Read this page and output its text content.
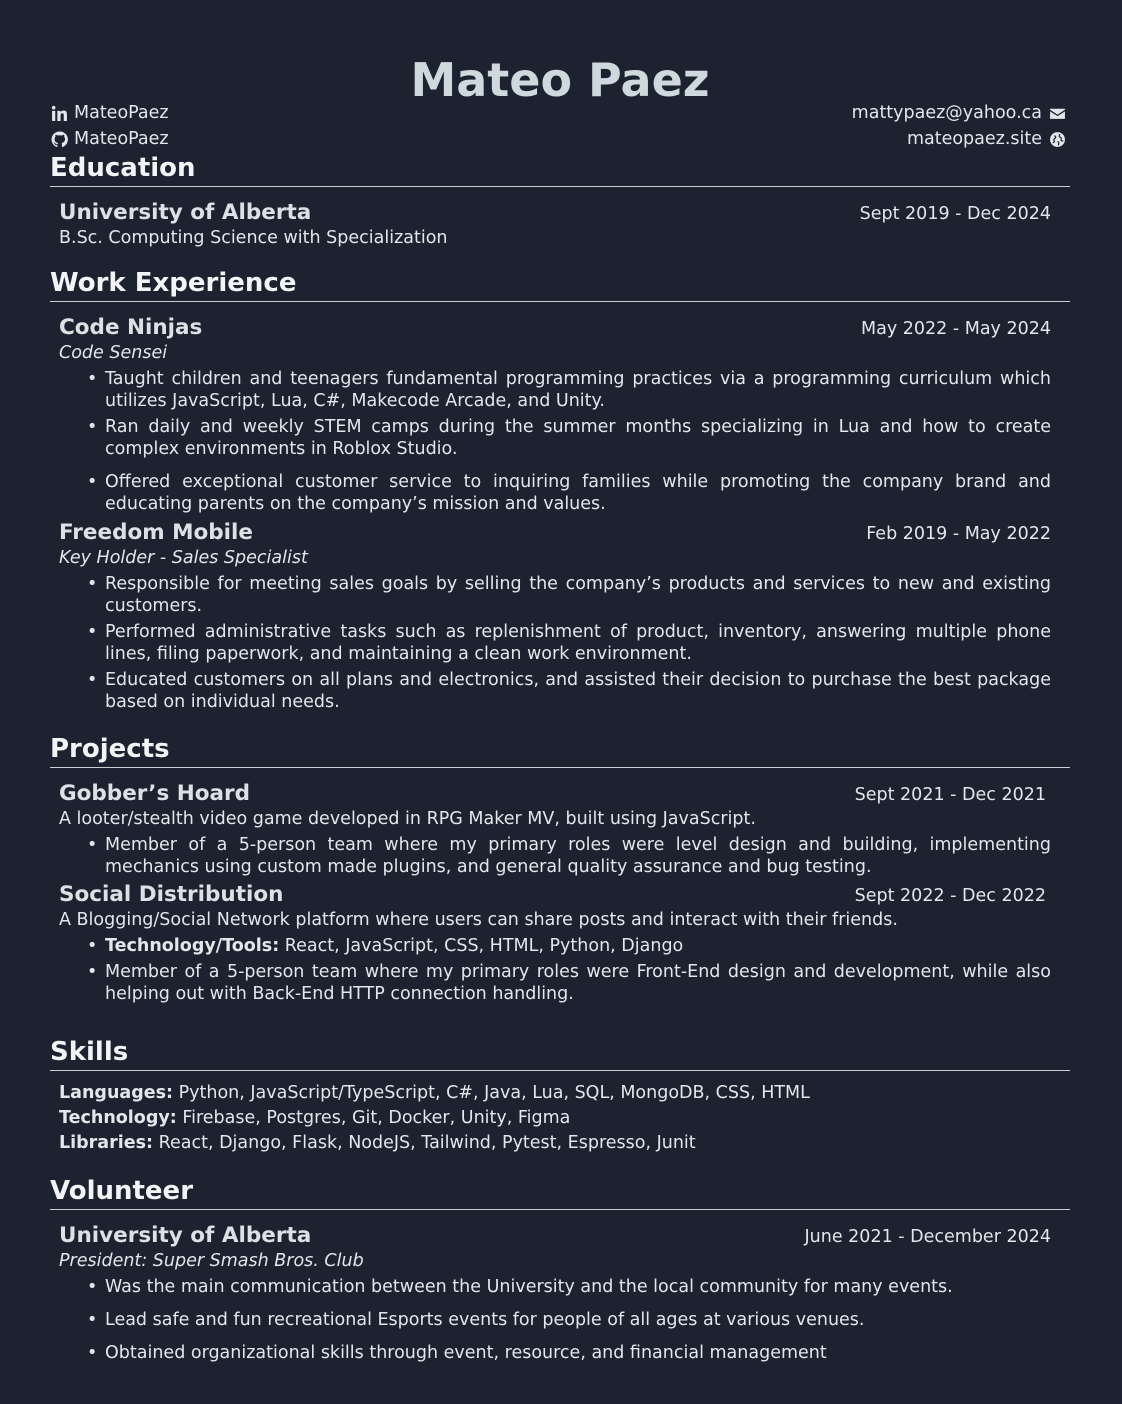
Mateo Paez
MateoPaez
MateoPaez
mattypaez@yahoo.ca
mateopaez.site
Education
University of Alberta	Sept 2019 - Dec 2024
B.Sc. Computing Science with Specialization
Work Experience
Code Ninjas	May 2022 - May 2024
Code Sensei
• Taught children and teenagers fundamental programming practices via a programming curriculum which utilizes JavaScript, Lua, C#, Makecode Arcade, and Unity.
• Ran daily and weekly STEM camps during the summer months specializing in Lua and how to create complex environments in Roblox Studio.
• Offered exceptional customer service to inquiring families while promoting the company brand and educating parents on the company’s mission and values.
Freedom Mobile	Feb 2019 - May 2022
Key Holder - Sales Specialist
• Responsible for meeting sales goals by selling the company’s products and services to new and existing customers.
• Performed administrative tasks such as replenishment of product, inventory, answering multiple phone lines, filing paperwork, and maintaining a clean work environment.
• Educated customers on all plans and electronics, and assisted their decision to purchase the best package based on individual needs.
Projects
Gobber’s Hoard	Sept 2021 - Dec 2021
A looter/stealth video game developed in RPG Maker MV, built using JavaScript.
• Member of a 5-person team where my primary roles were level design and building, implementing mechanics using custom made plugins, and general quality assurance and bug testing.
Social Distribution	Sept 2022 - Dec 2022
A Blogging/Social Network platform where users can share posts and interact with their friends.
• Technology/Tools: React, JavaScript, CSS, HTML, Python, Django
• Member of a 5-person team where my primary roles were Front-End design and development, while also helping out with Back-End HTTP connection handling.
Skills
Languages: Python, JavaScript/TypeScript, C#, Java, Lua, SQL, MongoDB, CSS, HTML
Technology: Firebase, Postgres, Git, Docker, Unity, Figma
Libraries: React, Django, Flask, NodeJS, Tailwind, Pytest, Espresso, Junit
Volunteer
University of Alberta	June 2021 - December 2024
President: Super Smash Bros. Club
• Was the main communication between the University and the local community for many events.
• Lead safe and fun recreational Esports events for people of all ages at various venues.
• Obtained organizational skills through event, resource, and financial management
